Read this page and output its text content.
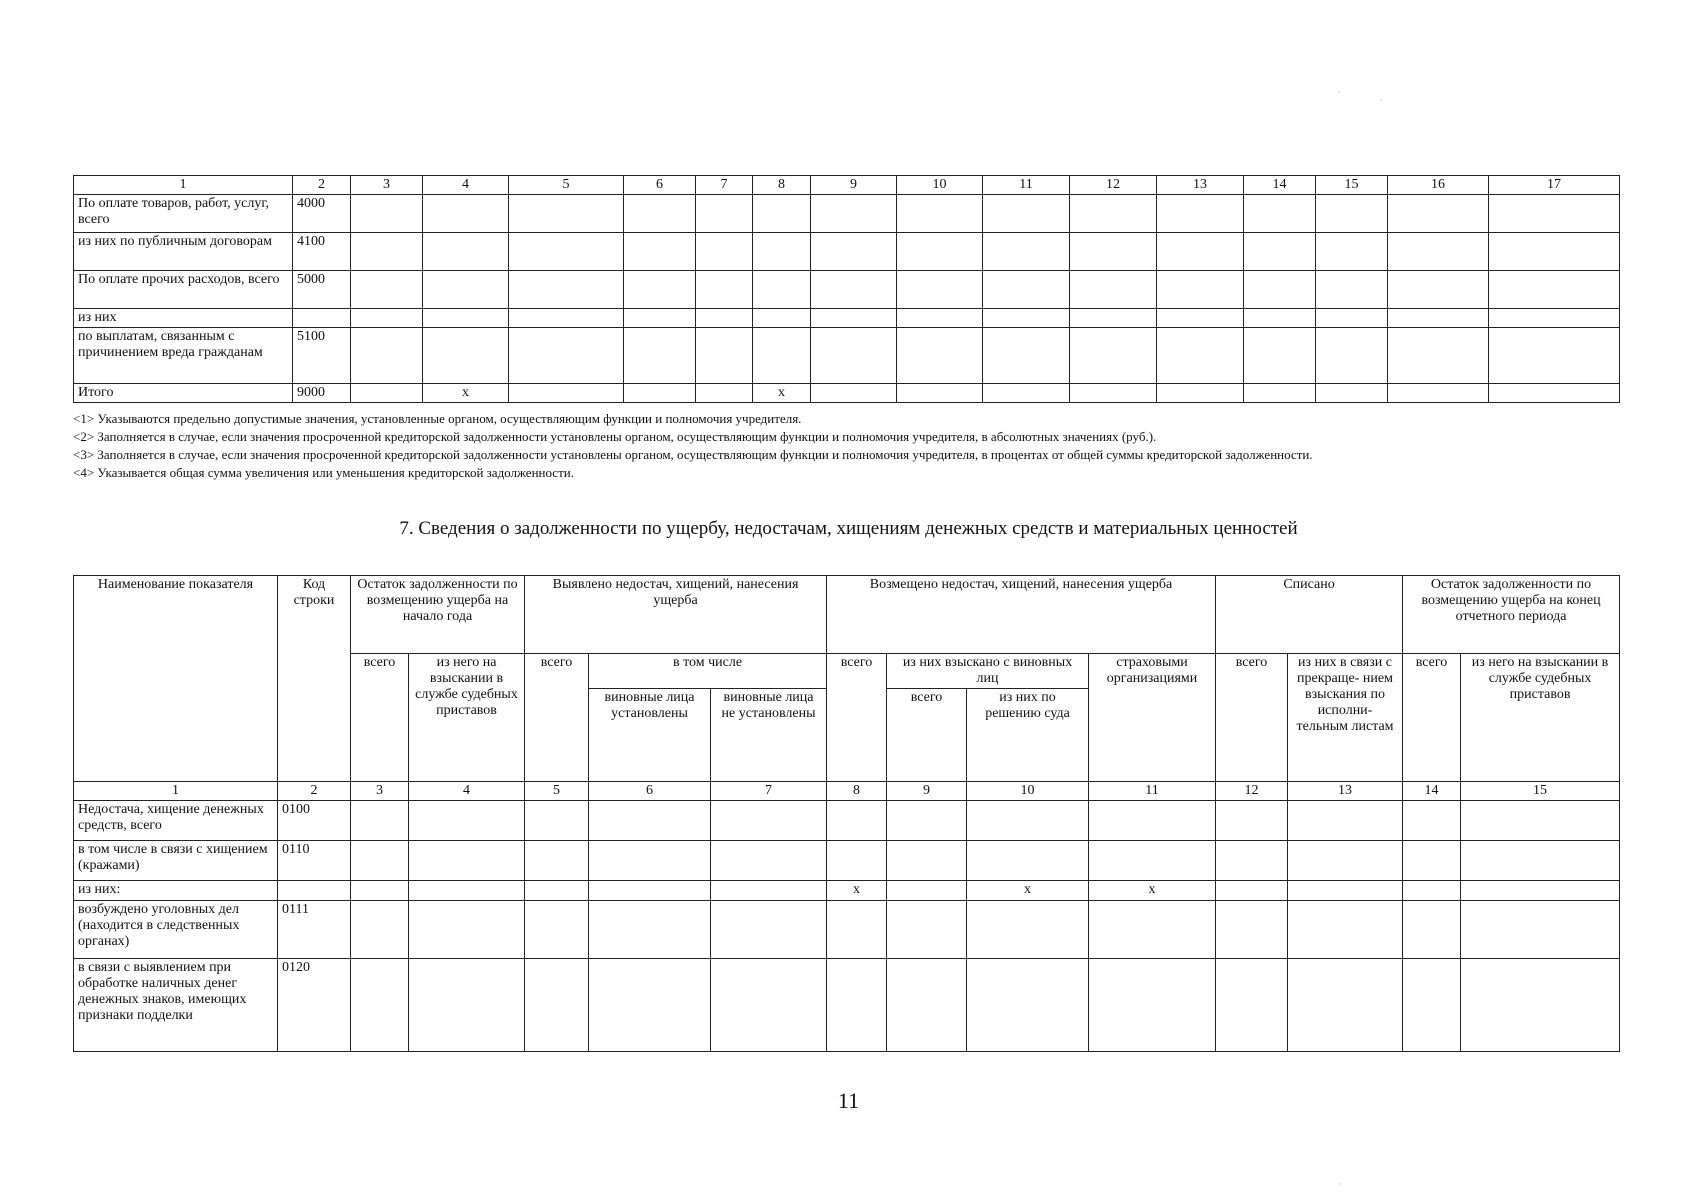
1	2	3	4	5	6	7	8	9	10	11	12	13	14	15	16	17
По оплате товаров, работ, услуг, всего	4000															
из них по публичным договорам	4100															
По оплате прочих расходов, всего	5000															
из них																
по выплатам, связанным с причинением вреда гражданам	5100															
Итого	9000		x				x									
<1> Указываются предельно допустимые значения, установленные органом, осуществляющим функции и полномочия учредителя.
<2> Заполняется в случае, если значения просроченной кредиторской задолженности установлены органом, осуществляющим функции и полномочия учредителя, в абсолютных значениях (руб.).
<3> Заполняется в случае, если значения просроченной кредиторской задолженности установлены органом, осуществляющим функции и полномочия учредителя, в процентах от общей суммы кредиторской задолженности.
<4> Указывается общая сумма увеличения или уменьшения кредиторской задолженности.
7. Сведения о задолженности по ущербу, недостачам, хищениям денежных средств и материальных ценностей
Наименование показателя	Код строки	Остаток задолженности по возмещению ущерба на начало года		Выявлено недостач, хищений, нанесения ущерба			Возмещено недостач, хищений, нанесения ущерба				Списано		Остаток задолженности по возмещению ущерба на конец отчетного периода	
		всего	из него на взыскании в службе судебных приставов	всего	в том числе		всего	из них взыскано с виновных лиц		страховыми организациями	всего	из них в связи с прекраще- нием взыскания по исполни- тельным листам	всего	из него на взыскании в службе судебных приставов
					виновные лица установлены	виновные лица не установлены		всего	из них по решению суда					
1	2	3	4	5	6	7	8	9	10	11	12	13	14	15
Недостача, хищение денежных средств, всего	0100													
в том числе в связи с хищением (кражами)	0110													
из них:							x		x	x				
возбуждено уголовных дел (находится в следственных органах)	0111													
в связи с выявлением при обработке наличных денег денежных знаков, имеющих признаки подделки	0120													
11
·
·
·
